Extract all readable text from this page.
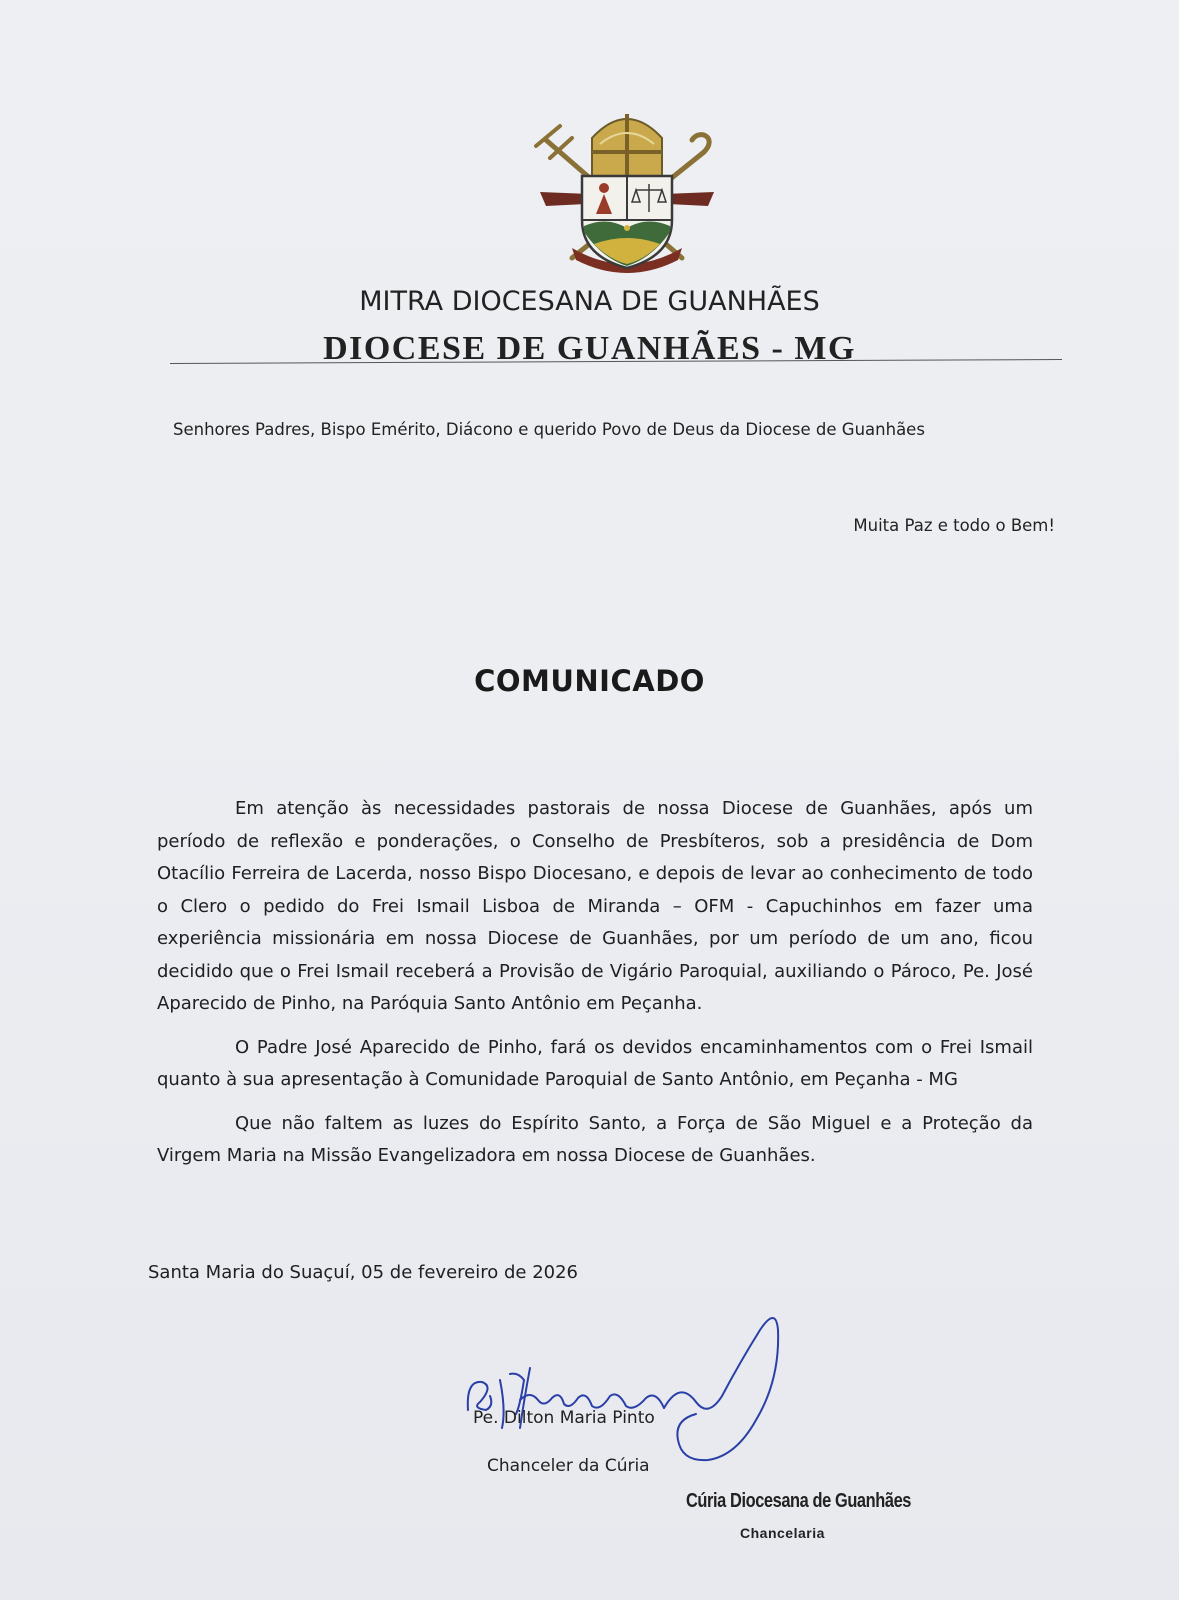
MITRA DIOCESANA DE GUANHÃES
DIOCESE DE GUANHÃES - MG
Senhores Padres, Bispo Emérito, Diácono e querido Povo de Deus da Diocese de Guanhães
Muita Paz e todo o Bem!
COMUNICADO

Em atenção às necessidades pastorais de nossa Diocese de Guanhães, após um período de reflexão e ponderações, o Conselho de Presbíteros, sob a presidência de Dom Otacílio Ferreira de Lacerda, nosso Bispo Diocesano, e depois de levar ao conhecimento de todo o Clero o pedido do Frei Ismail Lisboa de Miranda – OFM - Capuchinhos em fazer uma experiência missionária em nossa Diocese de Guanhães, por um período de um ano, ficou decidido que o Frei Ismail receberá a Provisão de Vigário Paroquial, auxiliando o Pároco, Pe. José Aparecido de Pinho, na Paróquia Santo Antônio em Peçanha.

O Padre José Aparecido de Pinho, fará os devidos encaminhamentos com o Frei Ismail quanto à sua apresentação à Comunidade Paroquial de Santo Antônio, em Peçanha - MG

Que não faltem as luzes do Espírito Santo, a Força de São Miguel e a Proteção da Virgem Maria na Missão Evangelizadora em nossa Diocese de Guanhães.

Santa Maria do Suaçuí, 05 de fevereiro de 2026
Pe. Dilton Maria Pinto
Chanceler da Cúria
Cúria Diocesana de Guanhães
Chancelaria
